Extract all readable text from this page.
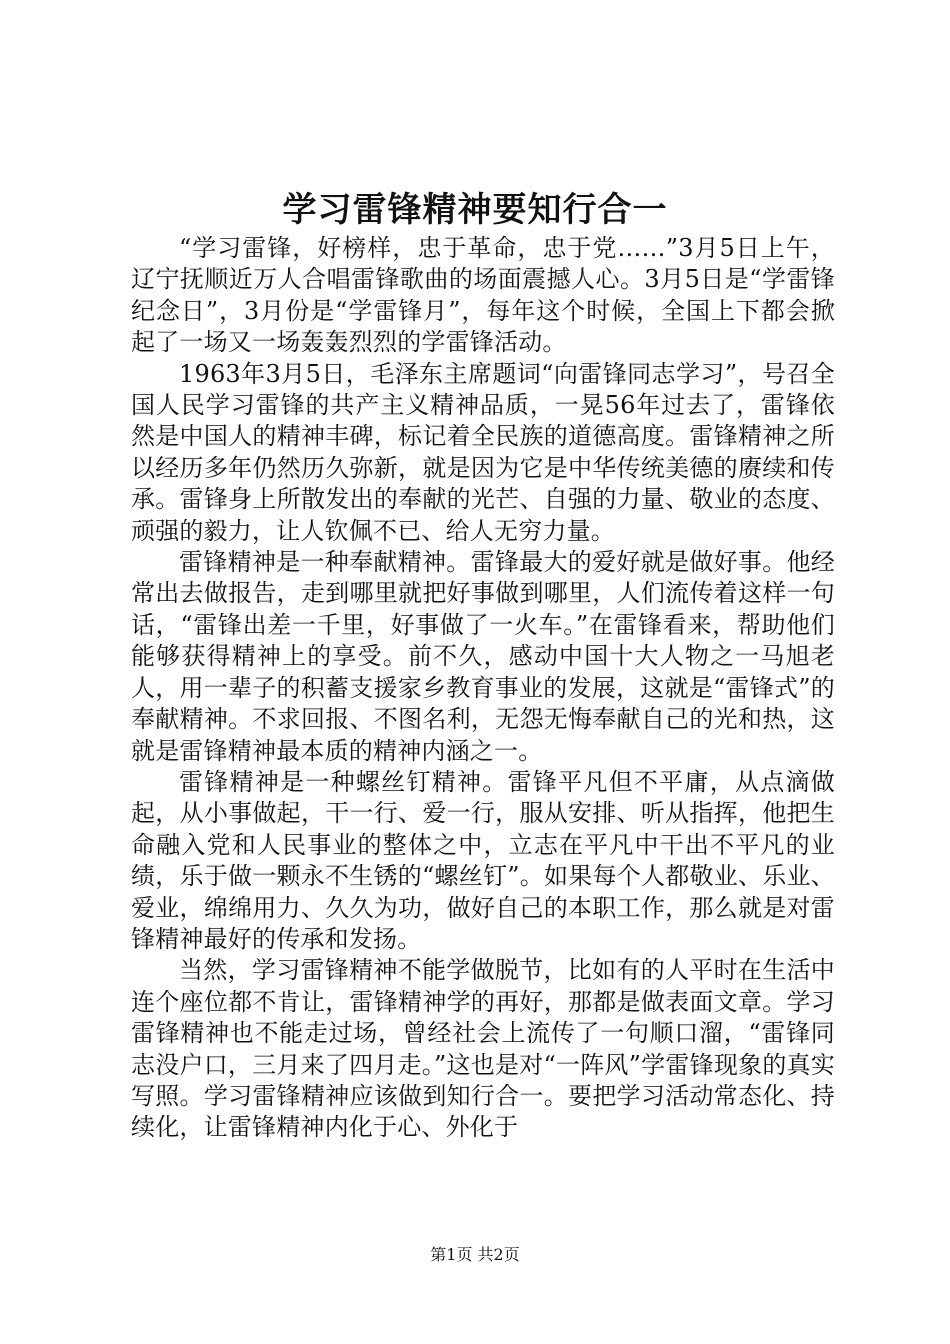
学习雷锋精神要知行合一

“学习雷锋，好榜样，忠于革命，忠于党……”3月5日上午，辽宁抚顺近万人合唱雷锋歌曲的场面震撼人心。3月5日是“学雷锋纪念日”，3月份是“学雷锋月”，每年这个时候，全国上下都会掀起了一场又一场轰轰烈烈的学雷锋活动。

1963年3月5日，毛泽东主席题词“向雷锋同志学习”，号召全国人民学习雷锋的共产主义精神品质，一晃56年过去了，雷锋依然是中国人的精神丰碑，标记着全民族的道德高度。雷锋精神之所以经历多年仍然历久弥新，就是因为它是中华传统美德的赓续和传承。雷锋身上所散发出的奉献的光芒、自强的力量、敬业的态度、顽强的毅力，让人钦佩不已、给人无穷力量。

雷锋精神是一种奉献精神。雷锋最大的爱好就是做好事。他经常出去做报告，走到哪里就把好事做到哪里，人们流传着这样一句话，“雷锋出差一千里，好事做了一火车。”在雷锋看来，帮助他们能够获得精神上的享受。前不久，感动中国十大人物之一马旭老人，用一辈子的积蓄支援家乡教育事业的发展，这就是“雷锋式”的奉献精神。不求回报、不图名利，无怨无悔奉献自己的光和热，这就是雷锋精神最本质的精神内涵之一。

雷锋精神是一种螺丝钉精神。雷锋平凡但不平庸，从点滴做起，从小事做起，干一行、爱一行，服从安排、听从指挥，他把生命融入党和人民事业的整体之中，立志在平凡中干出不平凡的业绩，乐于做一颗永不生锈的“螺丝钉”。如果每个人都敬业、乐业、爱业，绵绵用力、久久为功，做好自己的本职工作，那么就是对雷锋精神最好的传承和发扬。

当然，学习雷锋精神不能学做脱节，比如有的人平时在生活中连个座位都不肯让，雷锋精神学的再好，那都是做表面文章。学习雷锋精神也不能走过场，曾经社会上流传了一句顺口溜，“雷锋同志没户口，三月来了四月走。”这也是对“一阵风”学雷锋现象的真实写照。学习雷锋精神应该做到知行合一。要把学习活动常态化、持续化，让雷锋精神内化于心、外化于

第1页 共2页
